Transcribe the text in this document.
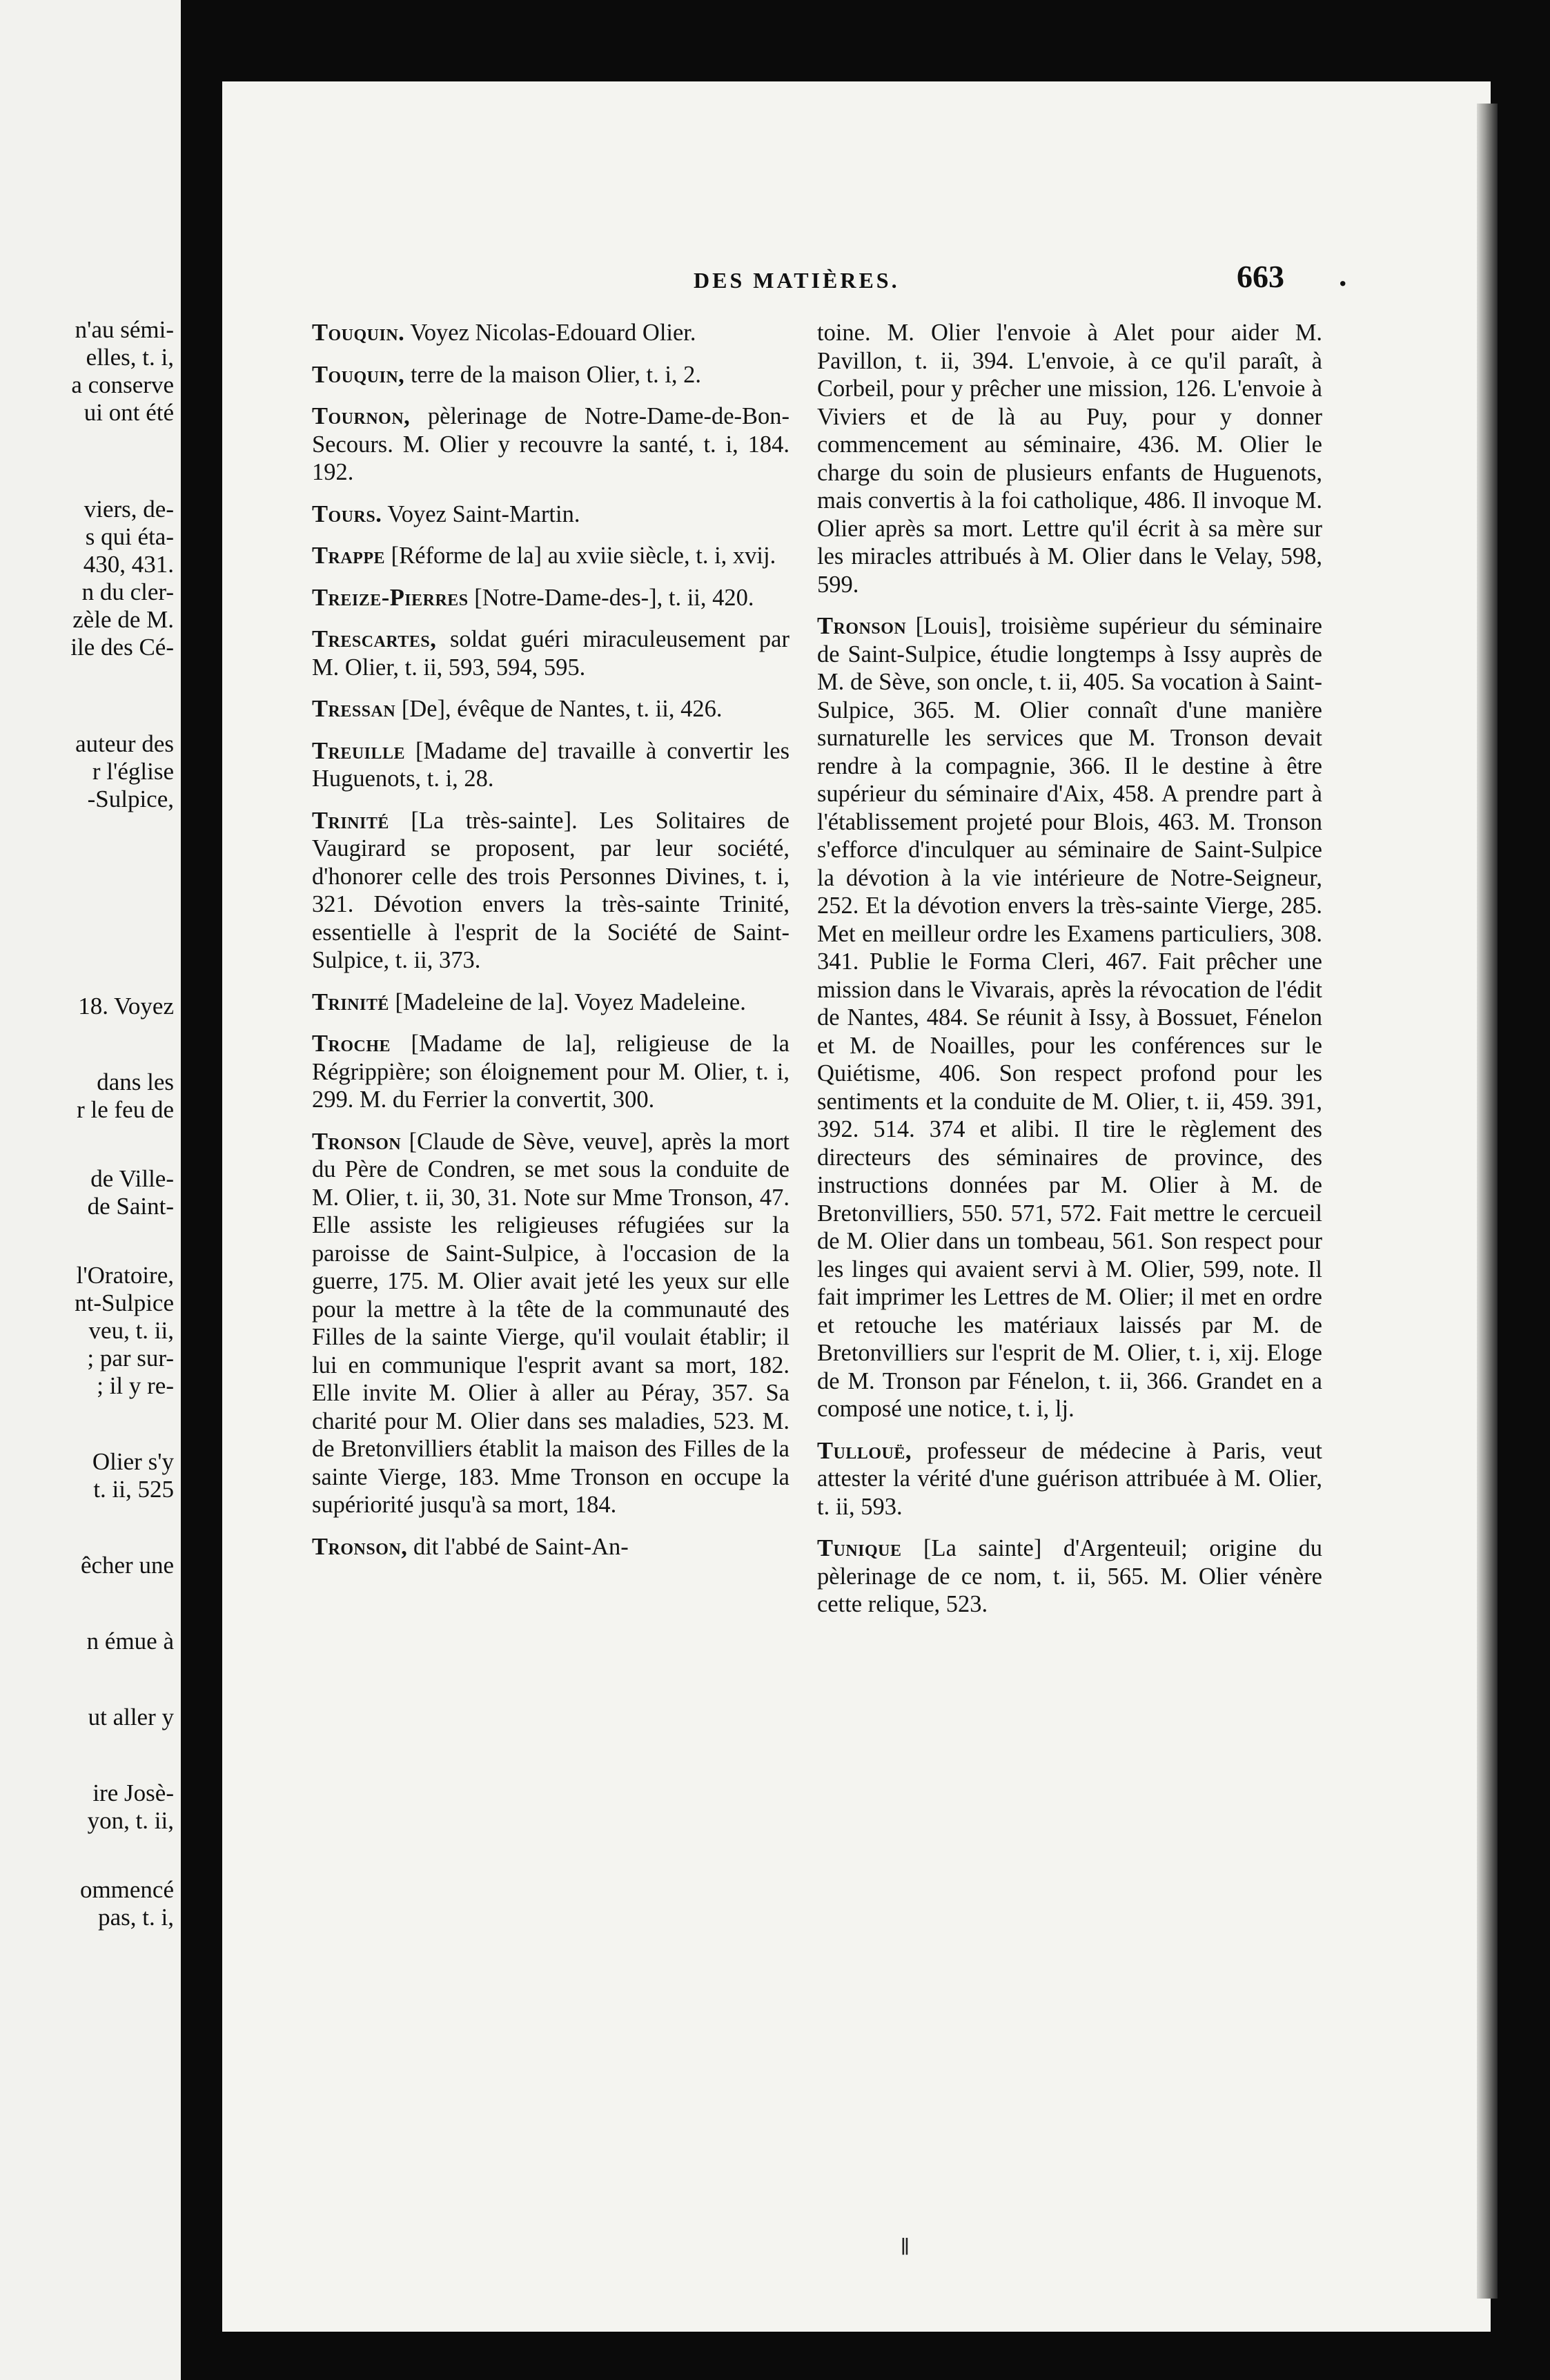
n'au sémi-
elles, t. i,
a conserve
ui ont été
viers, de-
s qui éta-
430, 431.
n du cler-
zèle de M.
ile des Cé-
auteur des
r l'église
-Sulpice,
18. Voyez
dans les
r le feu de
de Ville-
de Saint-
l'Oratoire,
nt-Sulpice
veu, t. ii,
; par sur-
; il y re-
Olier s'y
t. ii, 525
êcher une
n émue à
ut aller y
ire Josè-
yon, t. ii,
ommencé
pas, t. i,
DES MATIÈRES.	663 .
Touquin. Voyez Nicolas-Edouard Olier.
Touquin, terre de la maison Olier, t. i, 2.
Tournon, pèlerinage de Notre-Dame-de-Bon-Secours. M. Olier y recouvre la santé, t. i, 184. 192.
Tours. Voyez Saint-Martin.
Trappe [Réforme de la] au xviie siècle, t. i, xvij.
Treize-Pierres [Notre-Dame-des-], t. ii, 420.
Trescartes, soldat guéri miraculeusement par M. Olier, t. ii, 593, 594, 595.
Tressan [De], évêque de Nantes, t. ii, 426.
Treuille [Madame de] travaille à convertir les Huguenots, t. i, 28.
Trinité [La très-sainte]. Les Solitaires de Vaugirard se proposent, par leur société, d'honorer celle des trois Personnes Divines, t. i, 321. Dévotion envers la très-sainte Trinité, essentielle à l'esprit de la Société de Saint-Sulpice, t. ii, 373.
Trinité [Madeleine de la]. Voyez Madeleine.
Troche [Madame de la], religieuse de la Régrippière; son éloignement pour M. Olier, t. i, 299. M. du Ferrier la convertit, 300.
Tronson [Claude de Sève, veuve], après la mort du Père de Condren, se met sous la conduite de M. Olier, t. ii, 30, 31. Note sur Mme Tronson, 47. Elle assiste les religieuses réfugiées sur la paroisse de Saint-Sulpice, à l'occasion de la guerre, 175. M. Olier avait jeté les yeux sur elle pour la mettre à la tête de la communauté des Filles de la sainte Vierge, qu'il voulait établir; il lui en communique l'esprit avant sa mort, 182. Elle invite M. Olier à aller au Péray, 357. Sa charité pour M. Olier dans ses maladies, 523. M. de Bretonvilliers établit la maison des Filles de la sainte Vierge, 183. Mme Tronson en occupe la supériorité jusqu'à sa mort, 184.
Tronson, dit l'abbé de Saint-An-
toine. M. Olier l'envoie à Alet pour aider M. Pavillon, t. ii, 394. L'envoie, à ce qu'il paraît, à Corbeil, pour y prêcher une mission, 126. L'envoie à Viviers et de là au Puy, pour y donner commencement au séminaire, 436. M. Olier le charge du soin de plusieurs enfants de Huguenots, mais convertis à la foi catholique, 486. Il invoque M. Olier après sa mort. Lettre qu'il écrit à sa mère sur les miracles attribués à M. Olier dans le Velay, 598, 599.
Tronson [Louis], troisième supérieur du séminaire de Saint-Sulpice, étudie longtemps à Issy auprès de M. de Sève, son oncle, t. ii, 405. Sa vocation à Saint-Sulpice, 365. M. Olier connaît d'une manière surnaturelle les services que M. Tronson devait rendre à la compagnie, 366. Il le destine à être supérieur du séminaire d'Aix, 458. A prendre part à l'établissement projeté pour Blois, 463. M. Tronson s'efforce d'inculquer au séminaire de Saint-Sulpice la dévotion à la vie intérieure de Notre-Seigneur, 252. Et la dévotion envers la très-sainte Vierge, 285. Met en meilleur ordre les Examens particuliers, 308. 341. Publie le Forma Cleri, 467. Fait prêcher une mission dans le Vivarais, après la révocation de l'édit de Nantes, 484. Se réunit à Issy, à Bossuet, Fénelon et M. de Noailles, pour les conférences sur le Quiétisme, 406. Son respect profond pour les sentiments et la conduite de M. Olier, t. ii, 459. 391, 392. 514. 374 et alibi. Il tire le règlement des directeurs des séminaires de province, des instructions données par M. Olier à M. de Bretonvilliers, 550. 571, 572. Fait mettre le cercueil de M. Olier dans un tombeau, 561. Son respect pour les linges qui avaient servi à M. Olier, 599, note. Il fait imprimer les Lettres de M. Olier; il met en ordre et retouche les matériaux laissés par M. de Bretonvilliers sur l'esprit de M. Olier, t. i, xij. Eloge de M. Tronson par Fénelon, t. ii, 366. Grandet en a composé une notice, t. i, lj.
Tullouë, professeur de médecine à Paris, veut attester la vérité d'une guérison attribuée à M. Olier, t. ii, 593.
Tunique [La sainte] d'Argenteuil; origine du pèlerinage de ce nom, t. ii, 565. M. Olier vénère cette relique, 523.
ǁ
